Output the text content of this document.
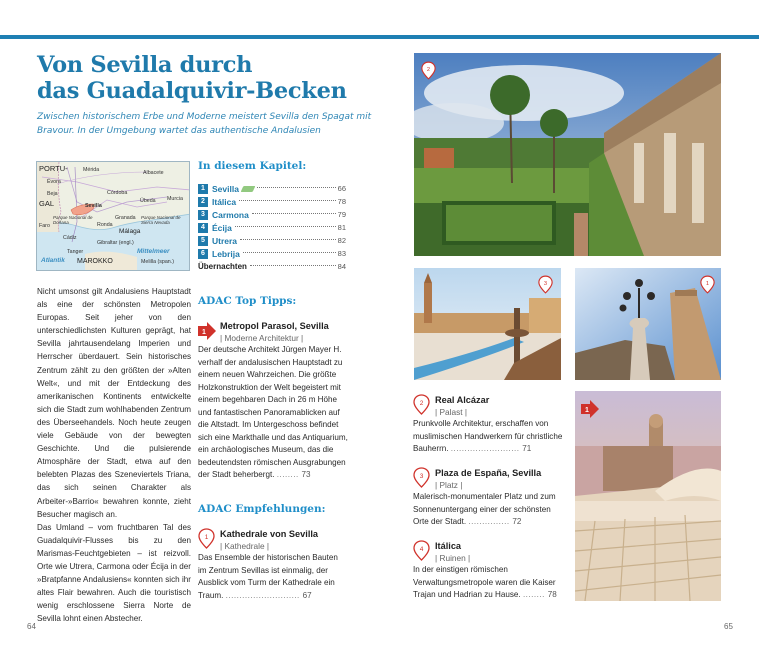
Von Sevilla durch
das Guadalquivir-Becken
Zwischen historischem Erbe und Moderne meistert Sevilla den Spagat mit Bravour. In der Umgebung wartet das authentische Andalusien
PORTU-
GAL
Mérida	Albacete
Évora
Beja	Córdoba
Úbeda Murcia
Sevilla
Granada
Parque Nacional de Doñana
Parque Nacional de Sierra Nevada
Faro	Ronda
Málaga
Cádiz
Gibraltar (engl.)
Tanger
Atlantik MAROKKO
Mittelmeer
Melilla (span.)

Nicht umsonst gilt Andalusiens Hauptstadt als eine der schönsten Metropolen Europas. Seit jeher von den unterschiedlichsten Kulturen geprägt, hat Sevilla jahrtausendelang Imperien und Herrscher überdauert. Sein historisches Zentrum zählt zu den größten der »Alten Welt«, und mit der Entdeckung des amerikanischen Kontinents entwickelte sich die Stadt zum wohlhabenden Zentrum des Überseehandels. Noch heute zeugen viele Gebäude von der bewegten Geschichte. Und die pulsierende Atmosphäre der Stadt, etwa auf den belebten Plazas des Szeneviertels Triana, das sich seinen Charakter als Arbeiter-»Barrio« bewahren konnte, zieht Besucher magisch an.

Das Umland – vom fruchtbaren Tal des Guadalquivir-Flusses bis zu den Marismas-Feuchtgebieten – ist reizvoll. Orte wie Utrera, Carmona oder Écija in der »Bratpfanne Andalusiens« konnten sich ihr altes Flair bewahren. Auch die touristisch wenig erschlossene Sierra Norte de Sevilla lohnt einen Abstecher.

In diesem Kapitel:
1 Sevilla	66
2 Itálica	78
3 Carmona	79
4 Écija	81
5 Utrera	82
6 Lebrija	83
Übernachten	84
ADAC Top Tipps:
1
Metropol Parasol, Sevilla
| Moderne Architektur |
Der deutsche Architekt Jürgen Mayer H. verhalf der andalusischen Hauptstadt zu einem neuen Wahrzeichen. Die größte Holzkonstruktion der Welt begeistert mit einem begehbaren Dach in 26 m Höhe und fantastischen Panoramablicken auf die Altstadt. Im Untergeschoss befindet sich eine Markthalle und das Antiquarium, ein archäologisches Museum, das die bedeutendsten römischen Ausgrabungen der Stadt beherbergt. ........ 73
ADAC Empfehlungen:
1 Kathedrale von Sevilla
| Kathedrale |
Das Ensemble der historischen Bauten im Zentrum Sevillas ist einmalig, der Ausblick vom Turm der Kathedrale ein Traum. ........................... 67
2 Real Alcázar
| Palast |
Prunkvolle Architektur, erschaffen von muslimischen Handwerkern für christliche Bauherrn. ......................... 71
3 Plaza de España, Sevilla
| Platz |
Malerisch-monumentaler Platz und zum Sonnenuntergang einer der schönsten Orte der Stadt. ............... 72
4 Itálica
| Ruinen |
In der einstigen römischen Verwaltungsmetropole waren die Kaiser Trajan und Hadrian zu Hause. ........ 78
2
3	1
1
64	65
